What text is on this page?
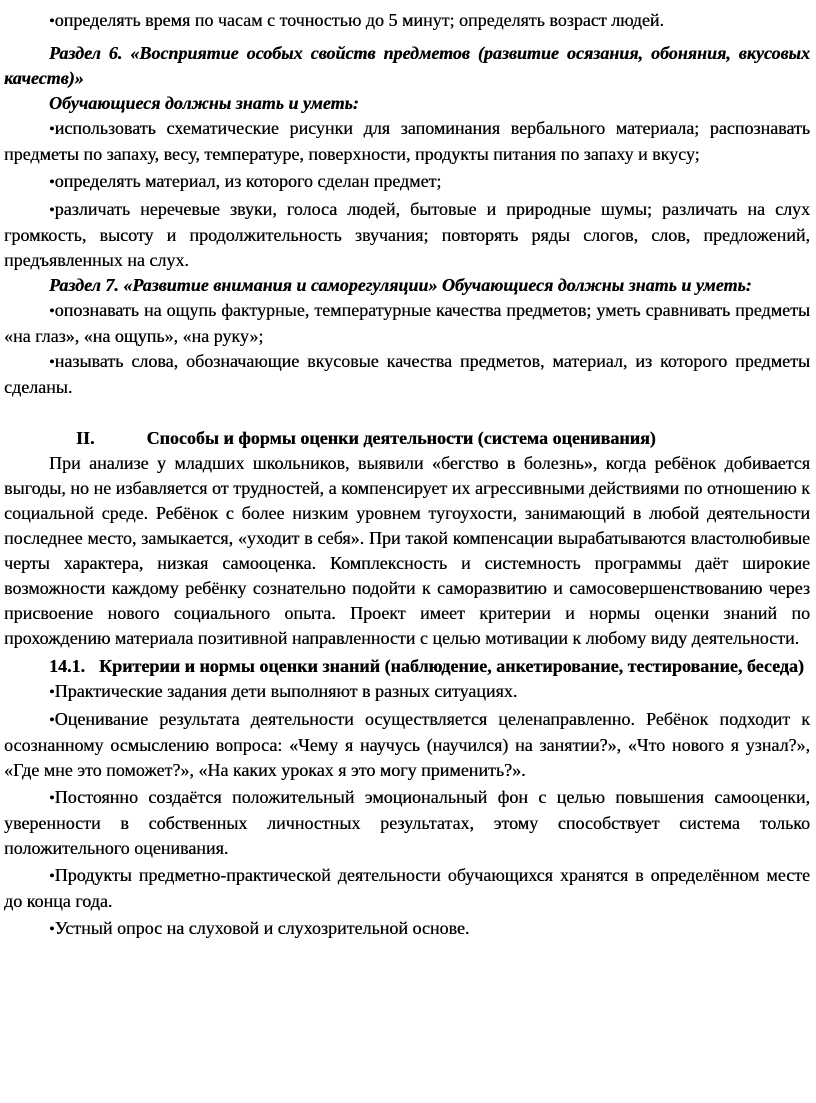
•определять время по часам с точностью до 5 минут; определять возраст людей.

Раздел 6. «Восприятие особых свойств предметов (развитие осязания, обоняния, вкусовых качеств)»

Обучающиеся должны знать и уметь:

•использовать схематические рисунки для запоминания вербального материала; распознавать предметы по запаху, весу, температуре, поверхности, продукты питания по запаху и вкусу;

•определять материал, из которого сделан предмет;

•различать неречевые звуки, голоса людей, бытовые и природные шумы; различать на слух громкость, высоту и продолжительность звучания; повторять ряды слогов, слов, предложений, предъявленных на слух.

Раздел 7. «Развитие внимания и саморегуляции» Обучающиеся должны знать и уметь:

•опознавать на ощупь фактурные, температурные качества предметов; уметь сравнивать предметы «на глаз», «на ощупь», «на руку»;

•называть слова, обозначающие вкусовые качества предметов, материал, из которого предметы сделаны.

II.	Способы и формы оценки деятельности (система оценивания)

При анализе у младших школьников, выявили «бегство в болезнь», когда ребёнок добивается выгоды, но не избавляется от трудностей, а компенсирует их агрессивными действиями по отношению к социальной среде. Ребёнок с более низким уровнем тугоухости, занимающий в любой деятельности последнее место, замыкается, «уходит в себя». При такой компенсации вырабатываются властолюбивые черты характера, низкая самооценка. Комплексность и системность программы даёт широкие возможности каждому ребёнку сознательно подойти к саморазвитию и самосовершенствованию через присвоение нового социального опыта. Проект имеет критерии и нормы оценки знаний по прохождению материала позитивной направленности с целью мотивации к любому виду деятельности.

14.1. Критерии и нормы оценки знаний (наблюдение, анкетирование, тестирование, беседа)

•Практические задания дети выполняют в разных ситуациях.

•Оценивание результата деятельности осуществляется целенаправленно. Ребёнок подходит к осознанному осмыслению вопроса: «Чему я научусь (научился) на занятии?», «Что нового я узнал?», «Где мне это поможет?», «На каких уроках я это могу применить?».

•Постоянно создаётся положительный эмоциональный фон с целью повышения самооценки, уверенности в собственных личностных результатах, этому способствует система только положительного оценивания.

•Продукты предметно-практической деятельности обучающихся хранятся в определённом месте до конца года.

•Устный опрос на слуховой и слухозрительной основе.
